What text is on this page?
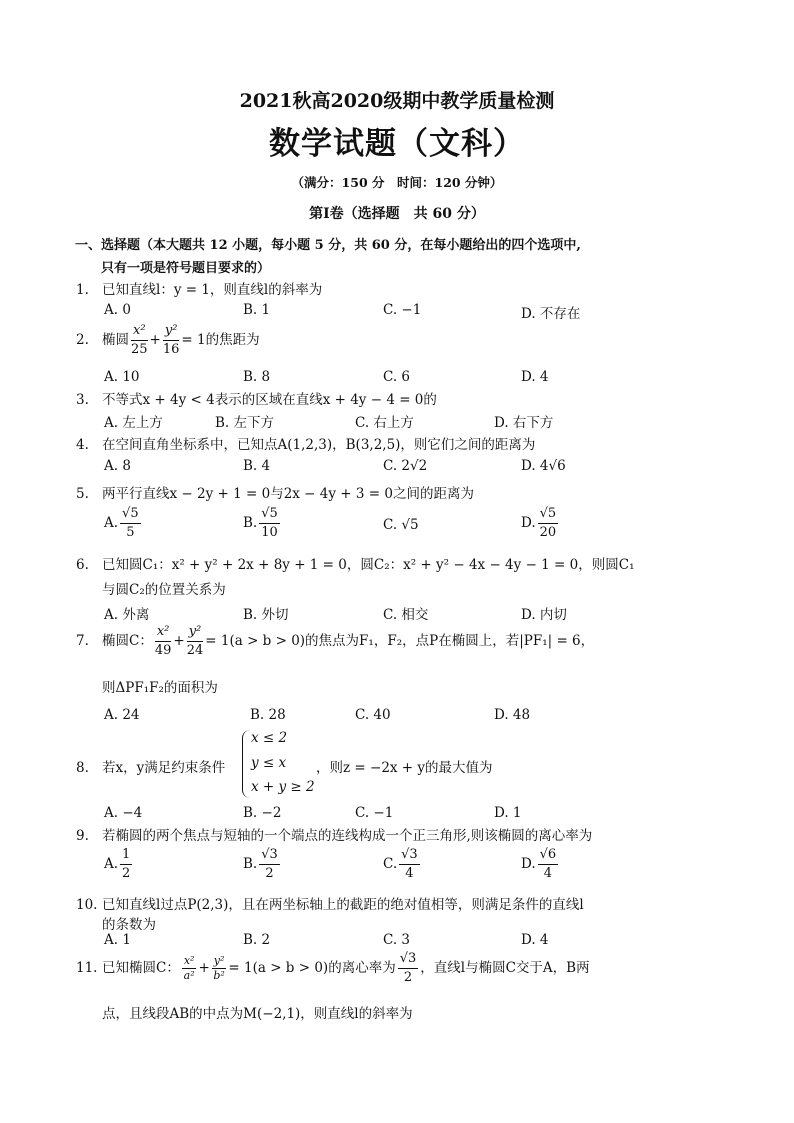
2021秋高2020级期中教学质量检测
数学试题（文科）
（满分：150 分　时间：120 分钟）
第Ⅰ卷（选择题　共 60 分）
一、选择题（本大题共 12 小题，每小题 5 分，共 60 分，在每小题给出的四个选项中,
只有一项是符号题目要求的）
1. 已知直线l：y = 1，则直线l的斜率为
A. 0	B. 1	C. −1	D. 不存在
2. 椭圆 $\frac{\text{x²}}{25} + \frac{\text{y²}}{16} = 1$的焦距为
A. 10	B. 8	C. 6	D. 4
3. 不等式x + 4y < 4表示的区域在直线x + 4y − 4 = 0的
A. 左上方	B. 左下方	C. 右上方	D. 右下方
4. 在空间直角坐标系中，已知点A(1,2,3)，B(3,2,5)，则它们之间的距离为
A. 8	B. 4	C. 2√2	D. 4√6
5. 两平行直线x − 2y + 1 = 0与2x − 4y + 3 = 0之间的距离为
A. $\frac{√5}{5}$	B. $\frac{√5}{10}$	C. √5	D. $\frac{√5}{20}$
6. 已知圆C₁：x² + y² + 2x + 8y + 1 = 0，圆C₂：x² + y² − 4x − 4y − 1 = 0，则圆C₁
与圆C₂的位置关系为
A. 外离	B. 外切	C. 相交	D. 内切
7. 椭圆C： $\frac{\text{x²}}{49} + \frac{\text{y²}}{24} = 1(a > b > 0)$的焦点为F₁，F₂，点P在椭圆上，若|PF₁| = 6，
则ΔPF₁F₂的面积为
A. 24	B. 28	C. 40	D. 48
8. 若x，y满足约束条件
x ≤ 2
y ≤ x
x + y ≥ 2
，则z = −2x + y的最大值为
A. −4	B. −2	C. −1	D. 1
9. 若椭圆的两个焦点与短轴的一个端点的连线构成一个正三角形,则该椭圆的离心率为
A. $\frac{1}{2}$	B. $\frac{√3}{2}$	C. $\frac{√3}{4}$	D. $\frac{√6}{4}$
10. 已知直线l过点P(2,3)，且在两坐标轴上的截距的绝对值相等，则满足条件的直线l
的条数为
A. 1	B. 2	C. 3	D. 4
11. 已知椭圆C： $\frac{\text{x²}}{\text{a²}} + \frac{\text{y²}}{\text{b²}} = 1(a > b > 0)$的离心率为 $\frac{√3}{2}$ ，直线l与椭圆C交于A，B两
点，且线段AB的中点为M(−2,1)，则直线l的斜率为
